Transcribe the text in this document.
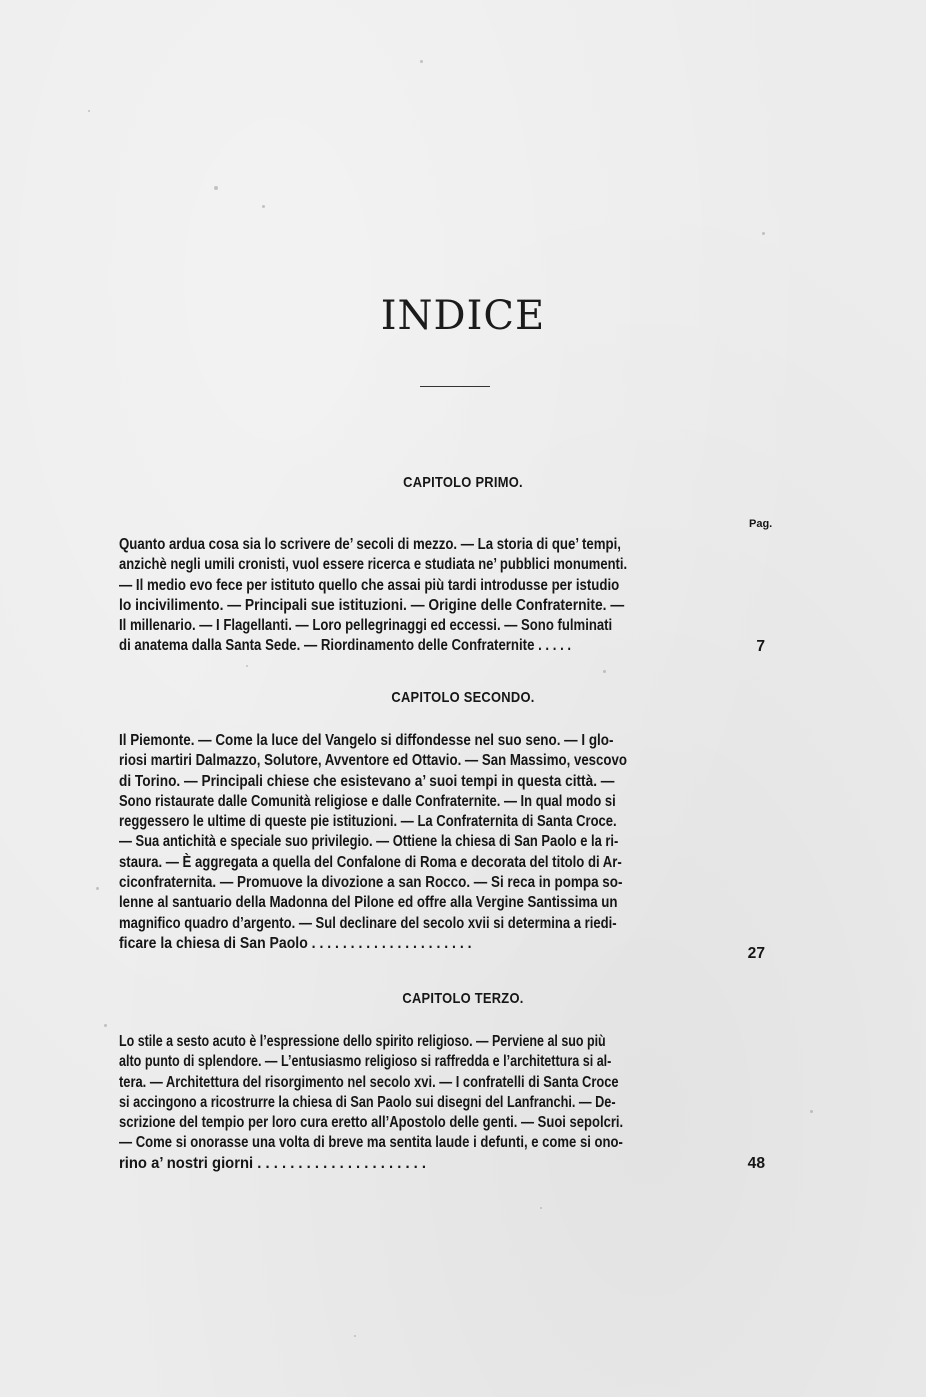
INDICE
Pag.
CAPITOLO PRIMO.
Quanto ardua cosa sia lo scrivere de’ secoli di mezzo. — La storia di que’ tempi,
anzichè negli umili cronisti, vuol essere ricerca e studiata ne’ pubblici monumenti.
— Il medio evo fece per istituto quello che assai più tardi introdusse per istudio
lo incivilimento. — Principali sue istituzioni. — Origine delle Confraternite. —
Il millenario. — I Flagellanti. — Loro pellegrinaggi ed eccessi. — Sono fulminati
di anatema dalla Santa Sede. — Riordinamento delle Confraternite . . . . .	7
CAPITOLO SECONDO.
Il Piemonte. — Come la luce del Vangelo si diffondesse nel suo seno. — I glo-
riosi martiri Dalmazzo, Solutore, Avventore ed Ottavio. — San Massimo, vescovo
di Torino. — Principali chiese che esistevano a’ suoi tempi in questa città. —
Sono ristaurate dalle Comunità religiose e dalle Confraternite. — In qual modo si
reggessero le ultime di queste pie istituzioni. — La Confraternita di Santa Croce.
— Sua antichità e speciale suo privilegio. — Ottiene la chiesa di San Paolo e la ri-
staura. — È aggregata a quella del Confalone di Roma e decorata del titolo di Ar-
ciconfraternita. — Promuove la divozione a san Rocco. — Si reca in pompa so-
lenne al santuario della Madonna del Pilone ed offre alla Vergine Santissima un
magnifico quadro d’argento. — Sul declinare del secolo xvii si determina a riedi-
ficare la chiesa di San Paolo . . . . . . . . . . . . . . . . . . . . .
27
CAPITOLO TERZO.
Lo stile a sesto acuto è l’espressione dello spirito religioso. — Perviene al suo più
alto punto di splendore. — L’entusiasmo religioso si raffredda e l’architettura si al-
tera. — Architettura del risorgimento nel secolo xvi. — I confratelli di Santa Croce
si accingono a ricostrurre la chiesa di San Paolo sui disegni del Lanfranchi. — De-
scrizione del tempio per loro cura eretto all’Apostolo delle genti. — Suoi sepolcri.
— Come si onorasse una volta di breve ma sentita laude i defunti, e come si ono-
rino a’ nostri giorni . . . . . . . . . . . . . . . . . . . . .	48
